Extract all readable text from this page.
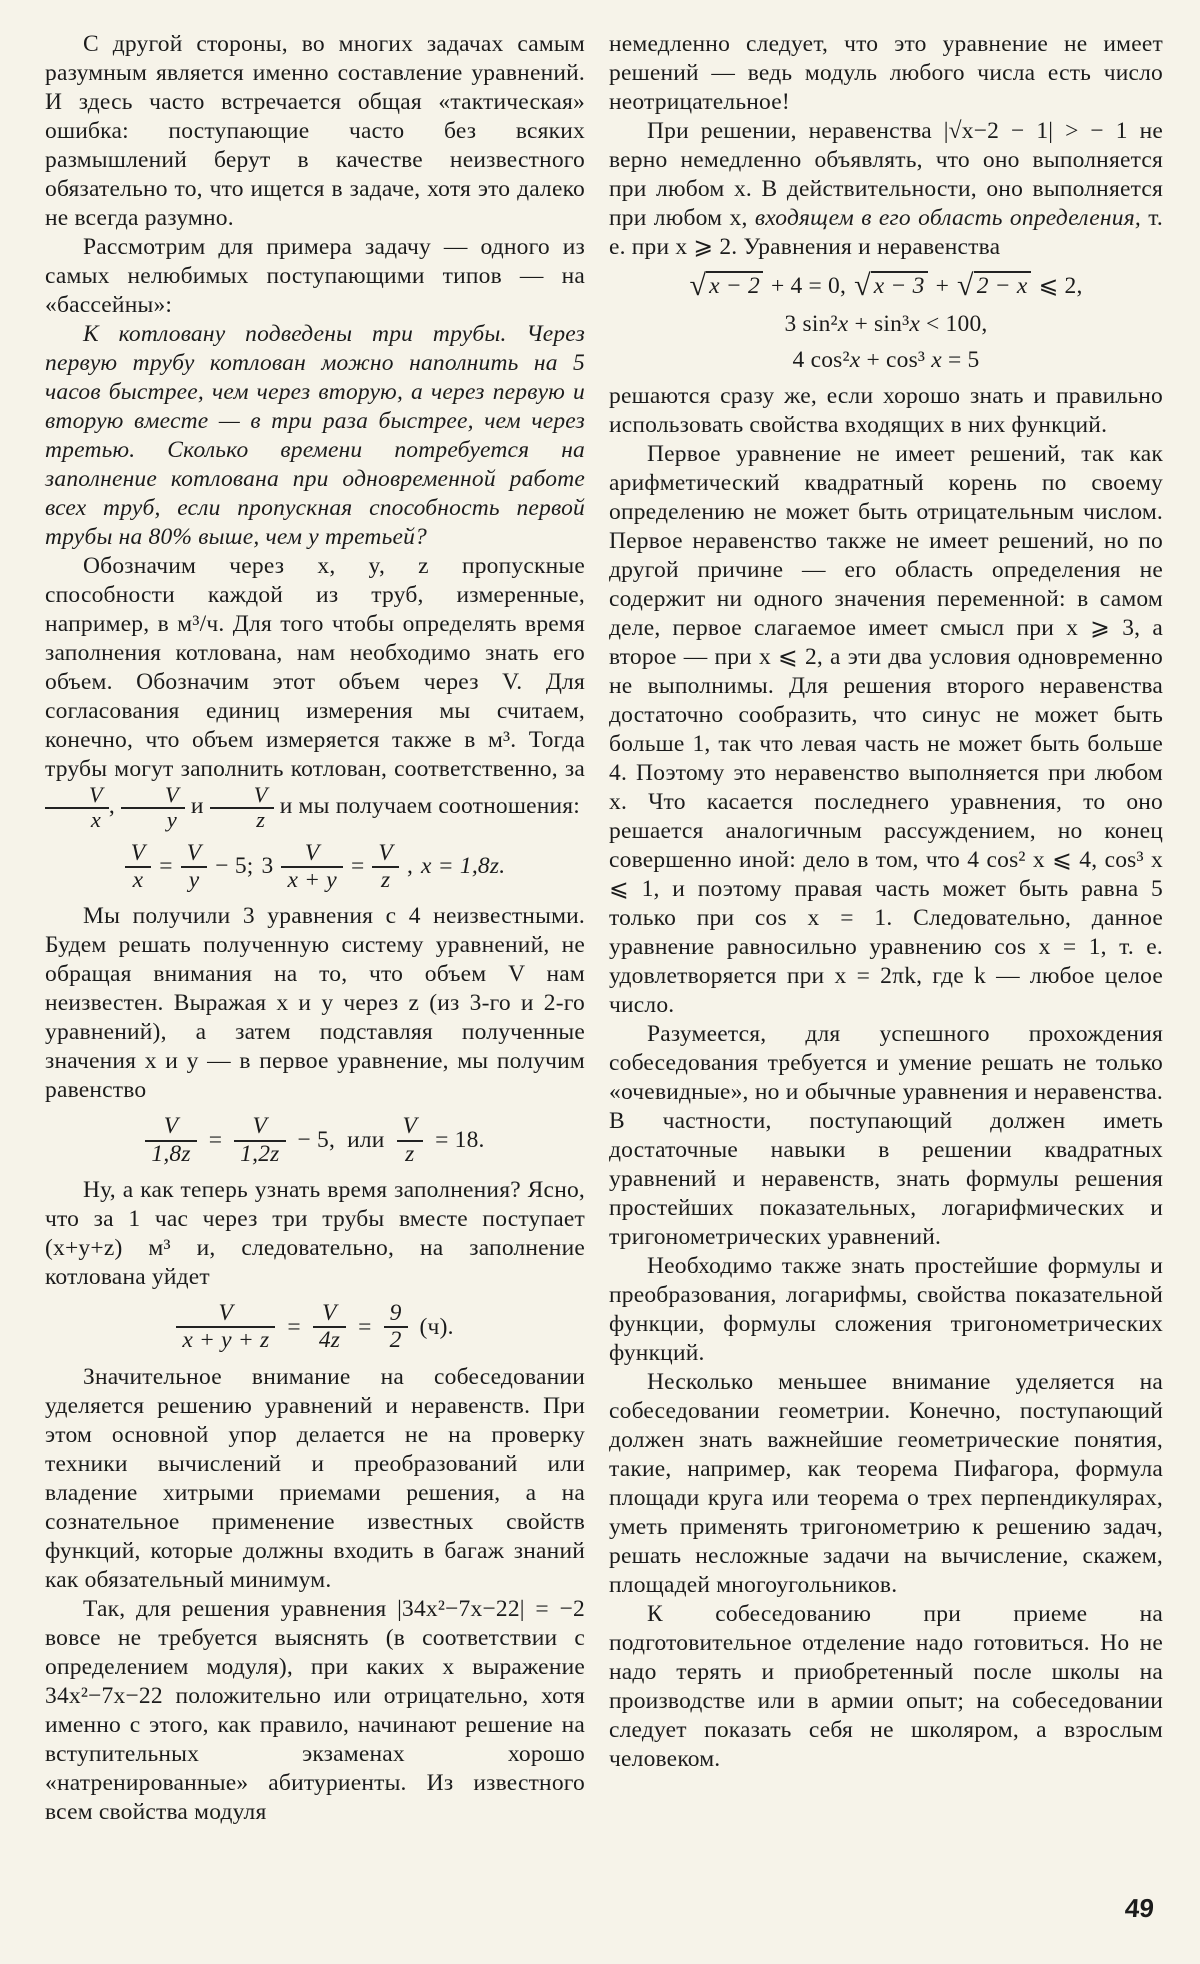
С другой стороны, во многих задачах самым разумным является именно составление уравнений. И здесь часто встречается общая «тактическая» ошибка: поступающие часто без всяких размышлений берут в качестве неизвестного обязательно то, что ищется в задаче, хотя это далеко не всегда разумно.

Рассмотрим для примера задачу — одного из самых нелюбимых поступающими типов — на «бассейны»:

К котловану подведены три трубы. Через первую трубу котлован можно наполнить на 5 часов быстрее, чем через вторую, а через первую и вторую вместе — в три раза быстрее, чем через третью. Сколько времени потребуется на заполнение котлована при одновременной работе всех труб, если пропускная способность первой трубы на 80% выше, чем у третьей?

Обозначим через x, y, z пропускные способности каждой из труб, измеренные, например, в м³/ч. Для того чтобы определять время заполнения котлована, нам необходимо знать его объем. Обозначим этот объем через V. Для согласования единиц измерения мы считаем, конечно, что объем измеряется также в м³. Тогда трубы могут заполнить котлован, соответственно, за
$\frac{V}{x}$ , $\frac{V}{y}$ и $\frac{V}{z}$ и мы получаем соотношения:

$\frac{V}{x} = \frac{V}{y} - 5$; $3 \frac{V}{x + y} = \frac{V}{z}$ , x = 1,8z.

Мы получили 3 уравнения с 4 неизвестными. Будем решать полученную систему уравнений, не обращая внимания на то, что объем V нам неизвестен. Выражая x и y через z (из 3-го и 2-го уравнений), а затем подставляя полученные значения x и y — в первое уравнение, мы получим равенство

$\frac{V}{1,8z} = \frac{V}{1,2z} - 5$, или $\frac{V}{z} = 18$.

Ну, а как теперь узнать время заполнения? Ясно, что за 1 час через три трубы вместе поступает (x+y+z) м³ и, следовательно, на заполнение котлована уйдет

$\frac{V}{x + y + z} = \frac{V}{4z} = \frac{9}{2} (ч)$.

Значительное внимание на собеседовании уделяется решению уравнений и неравенств. При этом основной упор делается не на проверку техники вычислений и преобразований или владение хитрыми приемами решения, а на сознательное применение известных свойств функций, которые должны входить в багаж знаний как обязательный минимум.

Так, для решения уравнения |34x²−7x−22| = −2 вовсе не требуется выяснять (в соответствии с определением модуля), при каких x выражение 34x²−7x−22 положительно или отрицательно, хотя именно с этого, как правило, начинают решение на вступительных экзаменах хорошо «натренированные» абитуриенты. Из известного всем свойства модуля

немедленно следует, что это уравнение не имеет решений — ведь модуль любого числа есть число неотрицательное!

При решении, неравенства |√x−2 − 1| > − 1 не верно немедленно объявлять, что оно выполняется при любом x. В действительности, оно выполняется при любом x, входящем в его область определения, т. е. при x ⩾ 2. Уравнения и неравенства

√ x − 2 + 4 = 0, √ x − 3 + √ 2 − x ⩽ 2,
3 sin²x + sin³x < 100,
4 cos²x + cos³ x = 5

решаются сразу же, если хорошо знать и правильно использовать свойства входящих в них функций.

Первое уравнение не имеет решений, так как арифметический квадратный корень по своему определению не может быть отрицательным числом. Первое неравенство также не имеет решений, но по другой причине — его область определения не содержит ни одного значения переменной: в самом деле, первое слагаемое имеет смысл при x ⩾ 3, а второе — при x ⩽ 2, а эти два условия одновременно не выполнимы. Для решения второго неравенства достаточно сообразить, что синус не может быть больше 1, так что левая часть не может быть больше 4. Поэтому это неравенство выполняется при любом x. Что касается последнего уравнения, то оно решается аналогичным рассуждением, но конец совершенно иной: дело в том, что 4 cos² x ⩽ 4, cos³ x ⩽ 1, и поэтому правая часть может быть равна 5 только при cos x = 1. Следовательно, данное уравнение равносильно уравнению cos x = 1, т. е. удовлетворяется при x = 2πk, где k — любое целое число.

Разумеется, для успешного прохождения собеседования требуется и умение решать не только «очевидные», но и обычные уравнения и неравенства. В частности, поступающий должен иметь достаточные навыки в решении квадратных уравнений и неравенств, знать формулы решения простейших показательных, логарифмических и тригонометрических уравнений.

Необходимо также знать простейшие формулы и преобразования, логарифмы, свойства показательной функции, формулы сложения тригонометрических функций.

Несколько меньшее внимание уделяется на собеседовании геометрии. Конечно, поступающий должен знать важнейшие геометрические понятия, такие, например, как теорема Пифагора, формула площади круга или теорема о трех перпендикулярах, уметь применять тригонометрию к решению задач, решать несложные задачи на вычисление, скажем, площадей многоугольников.

К собеседованию при приеме на подготовительное отделение надо готовиться. Но не надо терять и приобретенный после школы на производстве или в армии опыт; на собеседовании следует показать себя не школяром, а взрослым человеком.

49
